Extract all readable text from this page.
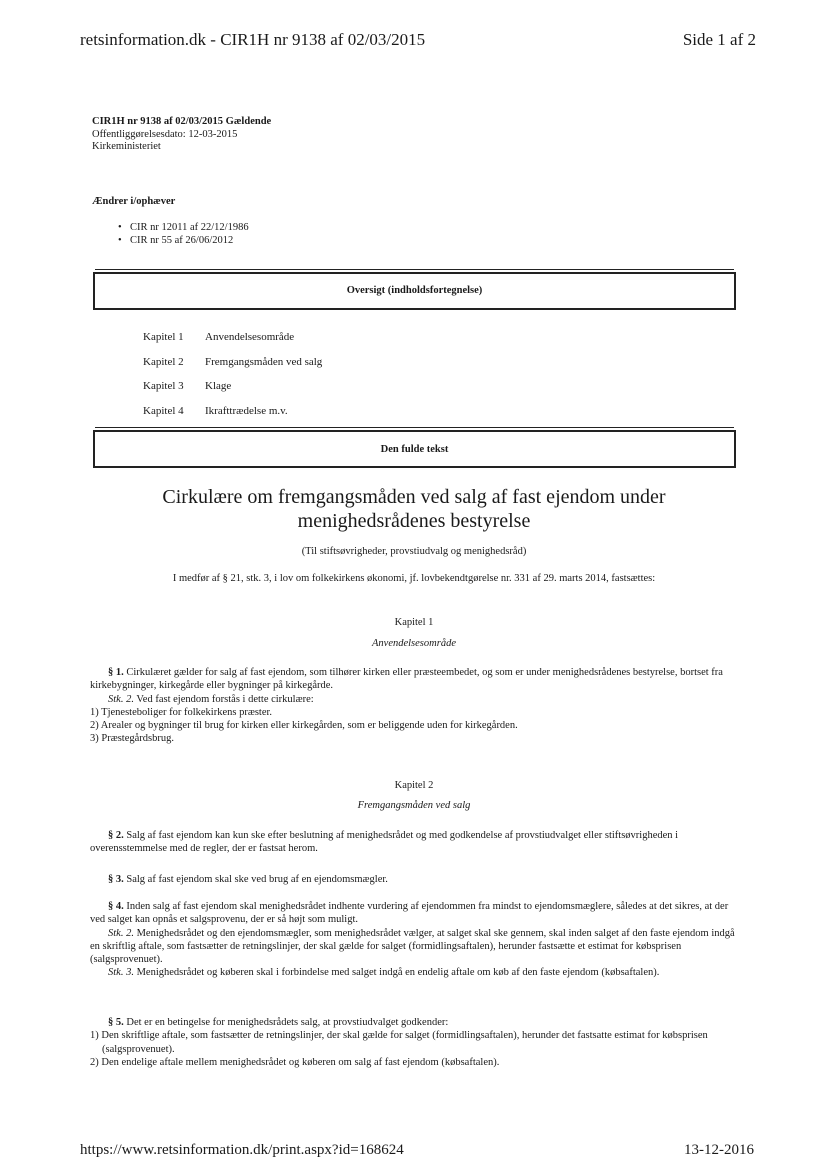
retsinformation.dk - CIR1H nr 9138 af 02/03/2015	Side 1 af 2
CIR1H nr 9138 af 02/03/2015 Gældende
Offentliggørelsesdato: 12-03-2015
Kirkeministeriet
Ændrer i/ophæver
• CIR nr 12011 af 22/12/1986
• CIR nr 55 af 26/06/2012
Oversigt (indholdsfortegnelse)
Kapitel 1 Anvendelsesområde
Kapitel 2 Fremgangsmåden ved salg
Kapitel 3 Klage
Kapitel 4 Ikrafttrædelse m.v.
Den fulde tekst
Cirkulære om fremgangsmåden ved salg af fast ejendom under
menighedsrådenes bestyrelse
(Til stiftsøvrigheder, provstiudvalg og menighedsråd)
I medfør af § 21, stk. 3, i lov om folkekirkens økonomi, jf. lovbekendtgørelse nr. 331 af 29. marts 2014, fastsættes:
Kapitel 1
Anvendelsesområde
§ 1. Cirkulæret gælder for salg af fast ejendom, som tilhører kirken eller præsteembedet, og som er under menighedsrådenes bestyrelse, bortset fra kirkebygninger, kirkegårde eller bygninger på kirkegårde.
Stk. 2. Ved fast ejendom forstås i dette cirkulære:
1) Tjenesteboliger for folkekirkens præster.
2) Arealer og bygninger til brug for kirken eller kirkegården, som er beliggende uden for kirkegården.
3) Præstegårdsbrug.
Kapitel 2
Fremgangsmåden ved salg
§ 2. Salg af fast ejendom kan kun ske efter beslutning af menighedsrådet og med godkendelse af provstiudvalget eller stiftsøvrigheden i overensstemmelse med de regler, der er fastsat herom.
§ 3. Salg af fast ejendom skal ske ved brug af en ejendomsmægler.
§ 4. Inden salg af fast ejendom skal menighedsrådet indhente vurdering af ejendommen fra mindst to ejendomsmæglere, således at det sikres, at der ved salget kan opnås et salgsprovenu, der er så højt som muligt.
Stk. 2. Menighedsrådet og den ejendomsmægler, som menighedsrådet vælger, at salget skal ske gennem, skal inden salget af den faste ejendom indgå en skriftlig aftale, som fastsætter de retningslinjer, der skal gælde for salget (formidlingsaftalen), herunder fastsætte et estimat for købsprisen (salgsprovenuet).
Stk. 3. Menighedsrådet og køberen skal i forbindelse med salget indgå en endelig aftale om køb af den faste ejendom (købsaftalen).
§ 5. Det er en betingelse for menighedsrådets salg, at provstiudvalget godkender:
1) Den skriftlige aftale, som fastsætter de retningslinjer, der skal gælde for salget (formidlingsaftalen), herunder det fastsatte estimat for købsprisen (salgsprovenuet).
2) Den endelige aftale mellem menighedsrådet og køberen om salg af fast ejendom (købsaftalen).
https://www.retsinformation.dk/print.aspx?id=168624	13-12-2016
